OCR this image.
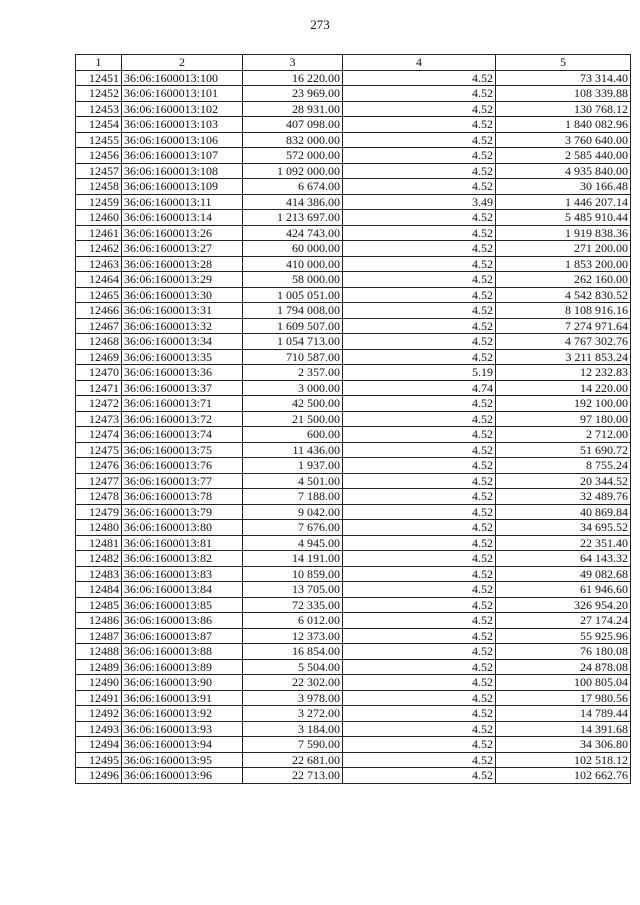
273
1	2	3	4	5
12451	36:06:1600013:100	16 220.00	4.52	73 314.40
12452	36:06:1600013:101	23 969.00	4.52	108 339.88
12453	36:06:1600013:102	28 931.00	4.52	130 768.12
12454	36:06:1600013:103	407 098.00	4.52	1 840 082.96
12455	36:06:1600013:106	832 000.00	4.52	3 760 640.00
12456	36:06:1600013:107	572 000.00	4.52	2 585 440.00
12457	36:06:1600013:108	1 092 000.00	4.52	4 935 840.00
12458	36:06:1600013:109	6 674.00	4.52	30 166.48
12459	36:06:1600013:11	414 386.00	3.49	1 446 207.14
12460	36:06:1600013:14	1 213 697.00	4.52	5 485 910.44
12461	36:06:1600013:26	424 743.00	4.52	1 919 838.36
12462	36:06:1600013:27	60 000.00	4.52	271 200.00
12463	36:06:1600013:28	410 000.00	4.52	1 853 200.00
12464	36:06:1600013:29	58 000.00	4.52	262 160.00
12465	36:06:1600013:30	1 005 051.00	4.52	4 542 830.52
12466	36:06:1600013:31	1 794 008.00	4.52	8 108 916.16
12467	36:06:1600013:32	1 609 507.00	4.52	7 274 971.64
12468	36:06:1600013:34	1 054 713.00	4.52	4 767 302.76
12469	36:06:1600013:35	710 587.00	4.52	3 211 853.24
12470	36:06:1600013:36	2 357.00	5.19	12 232.83
12471	36:06:1600013:37	3 000.00	4.74	14 220.00
12472	36:06:1600013:71	42 500.00	4.52	192 100.00
12473	36:06:1600013:72	21 500.00	4.52	97 180.00
12474	36:06:1600013:74	600.00	4.52	2 712.00
12475	36:06:1600013:75	11 436.00	4.52	51 690.72
12476	36:06:1600013:76	1 937.00	4.52	8 755.24
12477	36:06:1600013:77	4 501.00	4.52	20 344.52
12478	36:06:1600013:78	7 188.00	4.52	32 489.76
12479	36:06:1600013:79	9 042.00	4.52	40 869.84
12480	36:06:1600013:80	7 676.00	4.52	34 695.52
12481	36:06:1600013:81	4 945.00	4.52	22 351.40
12482	36:06:1600013:82	14 191.00	4.52	64 143.32
12483	36:06:1600013:83	10 859.00	4.52	49 082.68
12484	36:06:1600013:84	13 705.00	4.52	61 946.60
12485	36:06:1600013:85	72 335.00	4.52	326 954.20
12486	36:06:1600013:86	6 012.00	4.52	27 174.24
12487	36:06:1600013:87	12 373.00	4.52	55 925.96
12488	36:06:1600013:88	16 854.00	4.52	76 180.08
12489	36:06:1600013:89	5 504.00	4.52	24 878.08
12490	36:06:1600013:90	22 302.00	4.52	100 805.04
12491	36:06:1600013:91	3 978.00	4.52	17 980.56
12492	36:06:1600013:92	3 272.00	4.52	14 789.44
12493	36:06:1600013:93	3 184.00	4.52	14 391.68
12494	36:06:1600013:94	7 590.00	4.52	34 306.80
12495	36:06:1600013:95	22 681.00	4.52	102 518.12
12496	36:06:1600013:96	22 713.00	4.52	102 662.76
